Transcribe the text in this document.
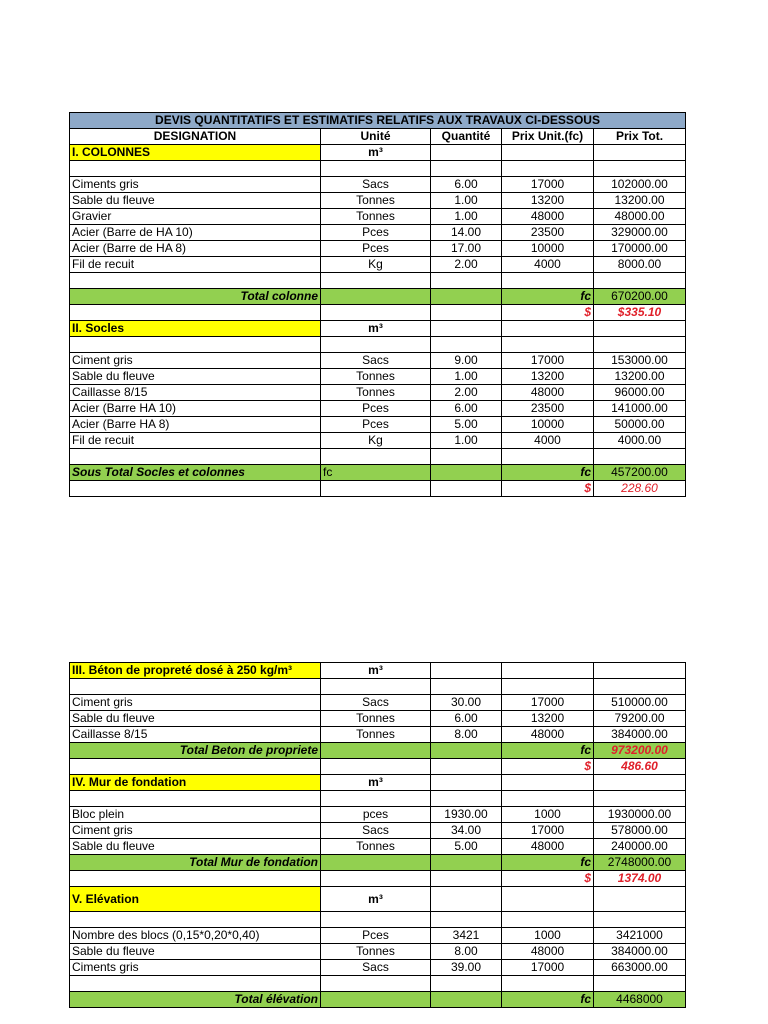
DEVIS QUANTITATIFS ET ESTIMATIFS RELATIFS AUX TRAVAUX CI-DESSOUS				
DESIGNATION	Unité	Quantité	Prix Unit.(fc)	Prix Tot.
I. COLONNES	m³			

Ciments gris	Sacs	6.00	17000	102000.00
Sable du fleuve	Tonnes	1.00	13200	13200.00
Gravier	Tonnes	1.00	48000	48000.00
Acier (Barre de HA 10)	Pces	14.00	23500	329000.00
Acier (Barre de HA 8)	Pces	17.00	10000	170000.00
Fil de recuit	Kg	2.00	4000	8000.00

Total colonne			fc	670200.00
			$	$335.10
II. Socles	m³			

Ciment gris	Sacs	9.00	17000	153000.00
Sable du fleuve	Tonnes	1.00	13200	13200.00
Caillasse 8/15	Tonnes	2.00	48000	96000.00
Acier (Barre HA 10)	Pces	6.00	23500	141000.00
Acier (Barre HA 8)	Pces	5.00	10000	50000.00
Fil de recuit	Kg	1.00	4000	4000.00

Sous Total Socles et colonnes	fc		fc	457200.00
			$	228.60
III. Béton de propreté dosé à 250 kg/m³	m³			

Ciment gris	Sacs	30.00	17000	510000.00
Sable du fleuve	Tonnes	6.00	13200	79200.00
Caillasse 8/15	Tonnes	8.00	48000	384000.00
Total Beton de propriete			fc	973200.00
			$	486.60
IV. Mur de fondation	m³			

Bloc plein	pces	1930.00	1000	1930000.00
Ciment gris	Sacs	34.00	17000	578000.00
Sable du fleuve	Tonnes	5.00	48000	240000.00
Total Mur de fondation			fc	2748000.00
			$	1374.00
V. Elévation	m³			

Nombre des blocs (0,15*0,20*0,40)	Pces	3421	1000	3421000
Sable du fleuve	Tonnes	8.00	48000	384000.00
Ciments gris	Sacs	39.00	17000	663000.00

Total élévation			fc	4468000
